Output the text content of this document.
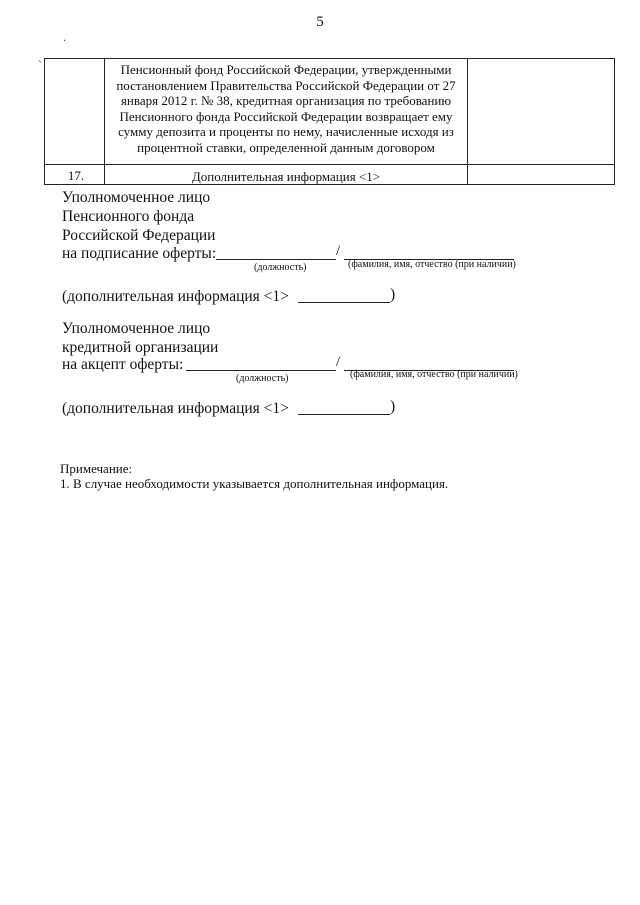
5
.
`	Пенсионный фонд Российской Федерации, утвержденными постановлением Правительства Российской Федерации от 27 января 2012 г. № 38, кредитная организация по требованию Пенсионного фонда Российской Федерации возвращает ему сумму депозита и проценты по нему, начисленные исходя из процентной ставки, определенной данным договором
17.	Дополнительная информация <1>
Уполномоченное лицо
Пенсионного фонда
Российской Федерации
на подписание оферты:	/
(должность)	(фамилия, имя, отчество (при наличии)
(дополнительная информация <1>	)
Уполномоченное лицо
кредитной организации
на акцепт оферты:	/
(должность)	(фамилия, имя, отчество (при наличии)
(дополнительная информация <1>	)
Примечание:
1. В случае необходимости указывается дополнительная информация.
